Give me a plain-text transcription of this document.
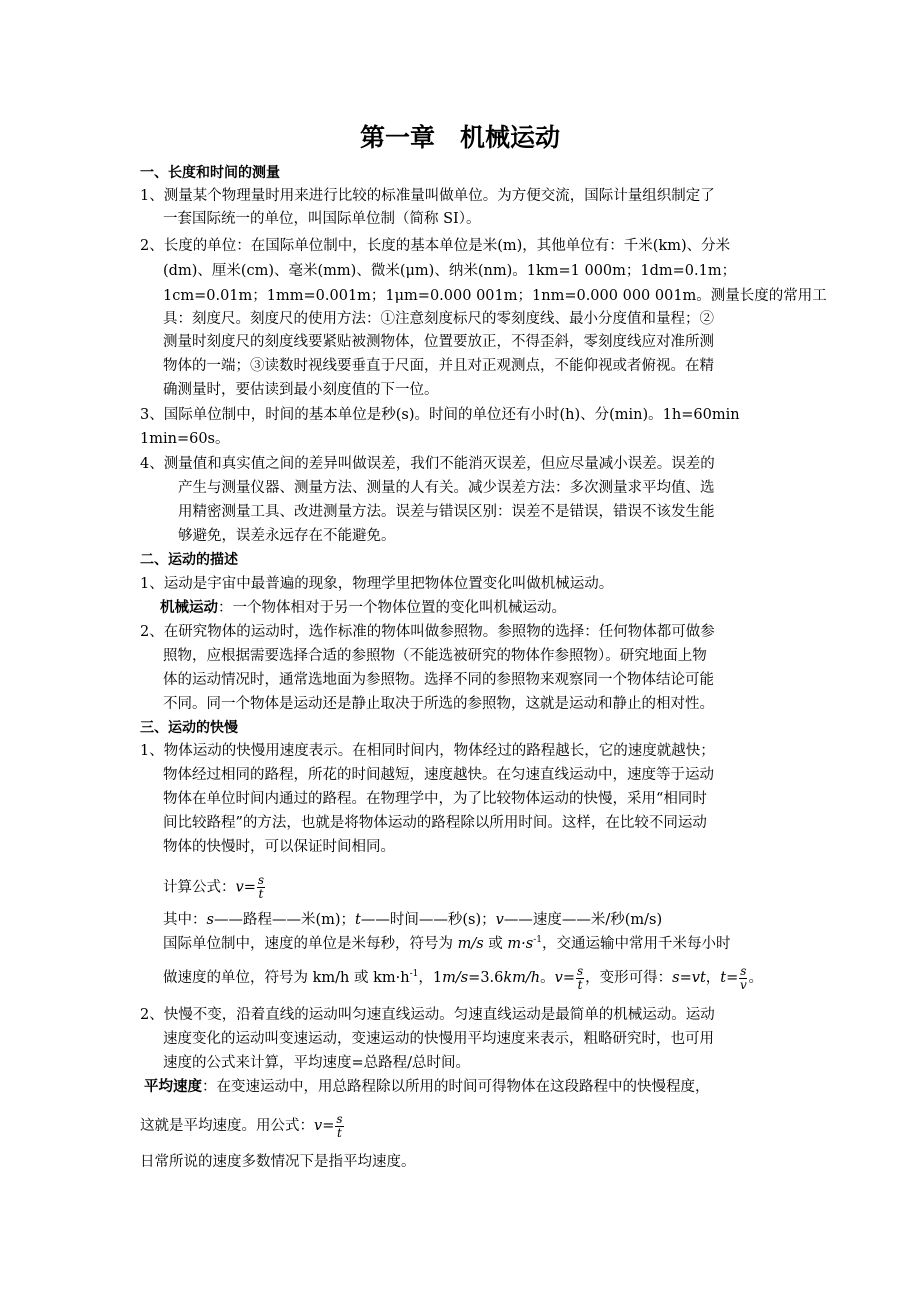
第一章　机械运动
一、长度和时间的测量
1、测量某个物理量时用来进行比较的标准量叫做单位。为方便交流，国际计量组织制定了
一套国际统一的单位，叫国际单位制（简称 SI）。
2、长度的单位：在国际单位制中，长度的基本单位是米(m)，其他单位有：千米(km)、分米
(dm)、厘米(cm)、毫米(mm)、微米(μm)、纳米(nm)。1km=1 000m；1dm=0.1m；
1cm=0.01m；1mm=0.001m；1μm=0.000 001m；1nm=0.000 000 001m。测量长度的常用工
具：刻度尺。刻度尺的使用方法：①注意刻度标尺的零刻度线、最小分度值和量程；②
测量时刻度尺的刻度线要紧贴被测物体，位置要放正，不得歪斜，零刻度线应对准所测
物体的一端；③读数时视线要垂直于尺面，并且对正观测点，不能仰视或者俯视。在精
确测量时，要估读到最小刻度值的下一位。
3、国际单位制中，时间的基本单位是秒(s)。时间的单位还有小时(h)、分(min)。1h=60min
1min=60s。
4、测量值和真实值之间的差异叫做误差，我们不能消灭误差，但应尽量减小误差。误差的
产生与测量仪器、测量方法、测量的人有关。减少误差方法：多次测量求平均值、选
用精密测量工具、改进测量方法。误差与错误区别：误差不是错误，错误不该发生能
够避免，误差永远存在不能避免。
二、运动的描述
1、运动是宇宙中最普遍的现象，物理学里把物体位置变化叫做机械运动。
机械运动：一个物体相对于另一个物体位置的变化叫机械运动。
2、在研究物体的运动时，选作标准的物体叫做参照物。参照物的选择：任何物体都可做参
照物，应根据需要选择合适的参照物（不能选被研究的物体作参照物）。研究地面上物
体的运动情况时，通常选地面为参照物。选择不同的参照物来观察同一个物体结论可能
不同。同一个物体是运动还是静止取决于所选的参照物，这就是运动和静止的相对性。
三、运动的快慢
1、物体运动的快慢用速度表示。在相同时间内，物体经过的路程越长，它的速度就越快；
物体经过相同的路程，所花的时间越短，速度越快。在匀速直线运动中，速度等于运动
物体在单位时间内通过的路程。在物理学中，为了比较物体运动的快慢，采用“相同时
间比较路程”的方法，也就是将物体运动的路程除以所用时间。这样，在比较不同运动
物体的快慢时，可以保证时间相同。
计算公式：$v= \frac{s}{t}$
其中：s——路程——米(m)；t——时间——秒(s)；v——速度——米/秒(m/s)
国际单位制中，速度的单位是米每秒，符号为 m/s 或 $m\cdot s^{-1}$，交通运输中常用千米每小时
做速度的单位，符号为 km/h 或 $km\cdot h^{-1}$，1m/s=3.6km/h。$v= \frac{s}{t}$ ，变形可得：s=vt，$t= \frac{s}{v}$ 。
2、快慢不变，沿着直线的运动叫匀速直线运动。匀速直线运动是最简单的机械运动。运动
速度变化的运动叫变速运动，变速运动的快慢用平均速度来表示，粗略研究时，也可用
速度的公式来计算，平均速度=总路程/总时间。
平均速度：在变速运动中，用总路程除以所用的时间可得物体在这段路程中的快慢程度，
这就是平均速度。用公式：$v= \frac{s}{t}$
日常所说的速度多数情况下是指平均速度。
